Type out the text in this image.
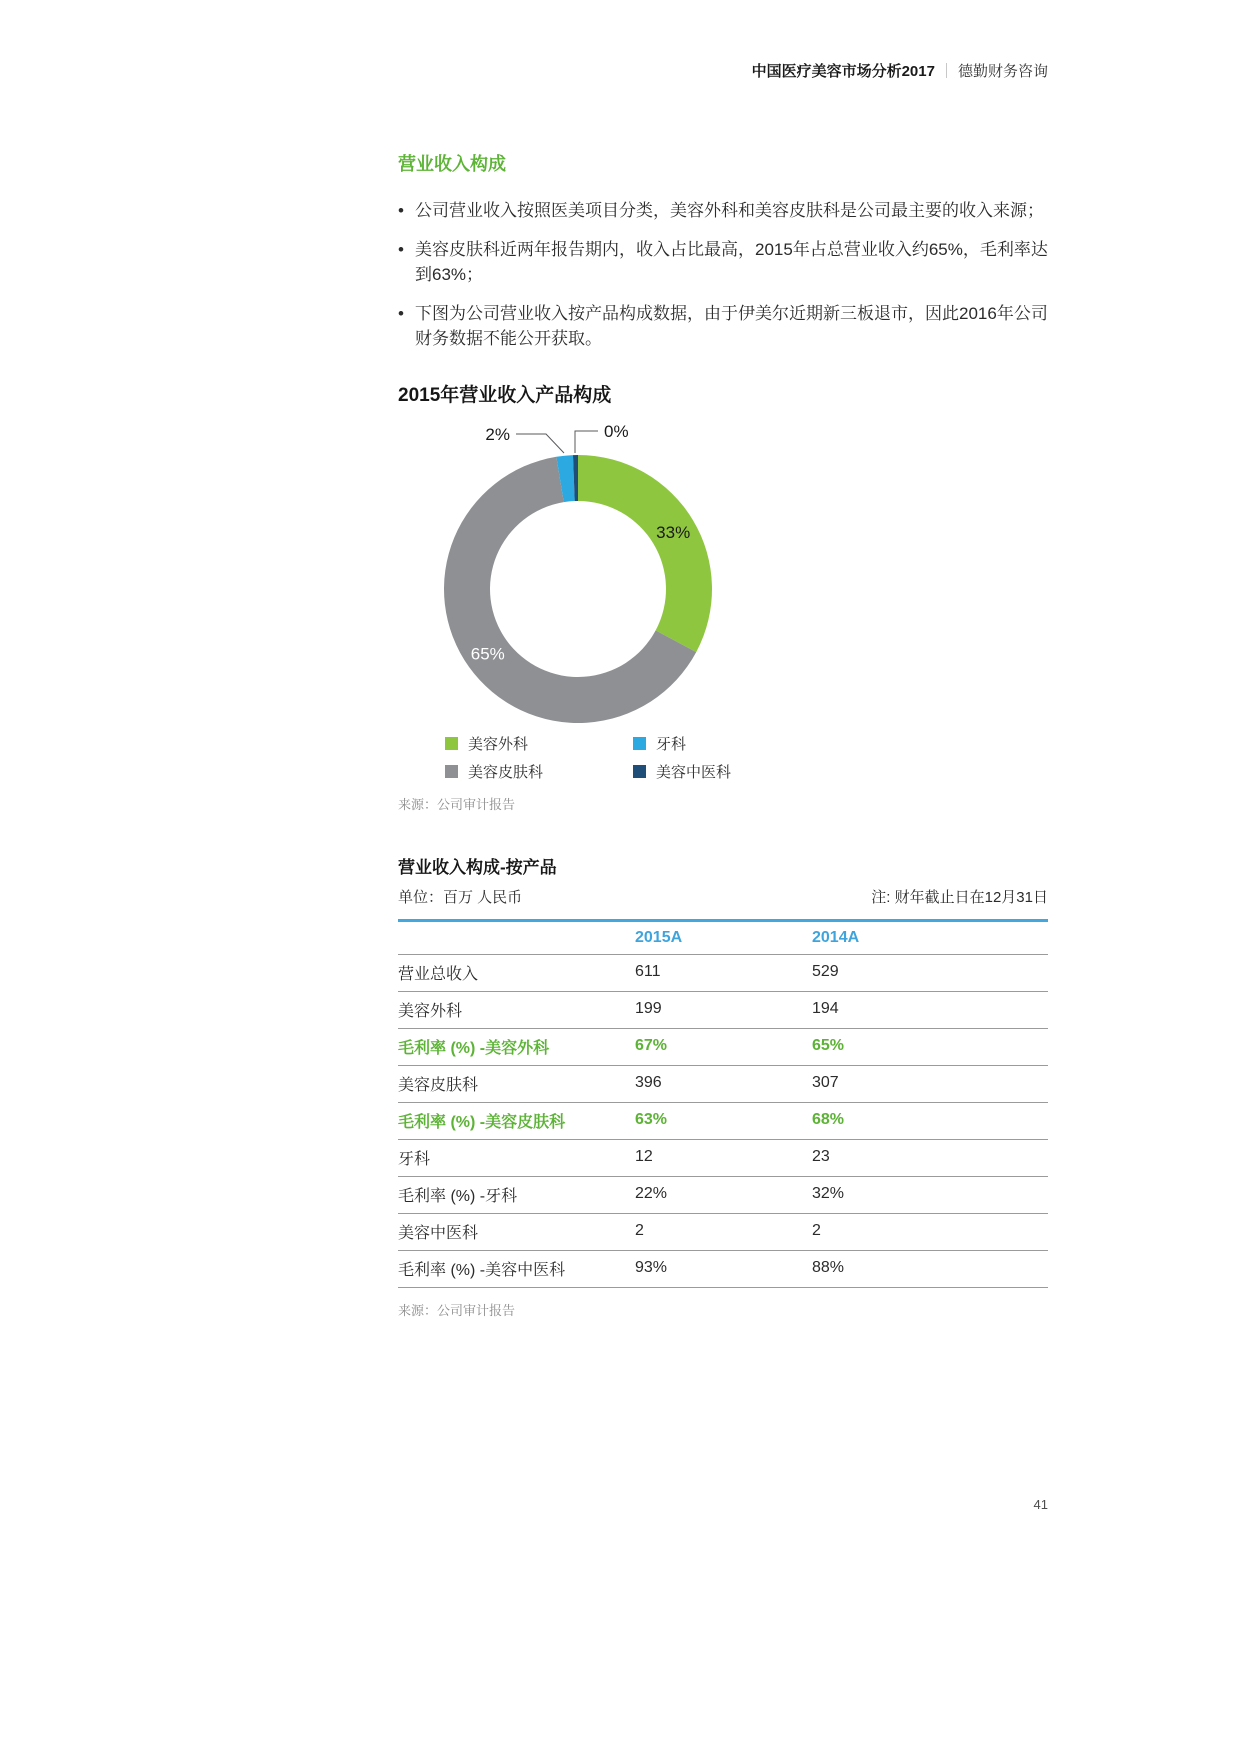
中国医疗美容市场分析2017 ｜ 德勤财务咨询
营业收入构成
• 公司营业收入按照医美项目分类，美容外科和美容皮肤科是公司最主要的收入来源；
• 美容皮肤科近两年报告期内，收入占比最高，2015年占总营业收入约65%，毛利率达到63%；
• 下图为公司营业收入按产品构成数据，由于伊美尔近期新三板退市，因此2016年公司财务数据不能公开获取。
2015年营业收入产品构成
33%
65%
2%	0%
美容外科	牙科
美容皮肤科	美容中医科
来源：公司审计报告
营业收入构成-按产品
单位：百万 人民币	注: 财年截止日在12月31日
2015A	2014A
营业总收入	611	529
美容外科	199	194
毛利率 (%) -美容外科	67%	65%
美容皮肤科	396	307
毛利率 (%) -美容皮肤科	63%	68%
牙科	12	23
毛利率 (%) -牙科	22%	32%
美容中医科	2	2
毛利率 (%) -美容中医科	93%	88%
来源：公司审计报告
41
